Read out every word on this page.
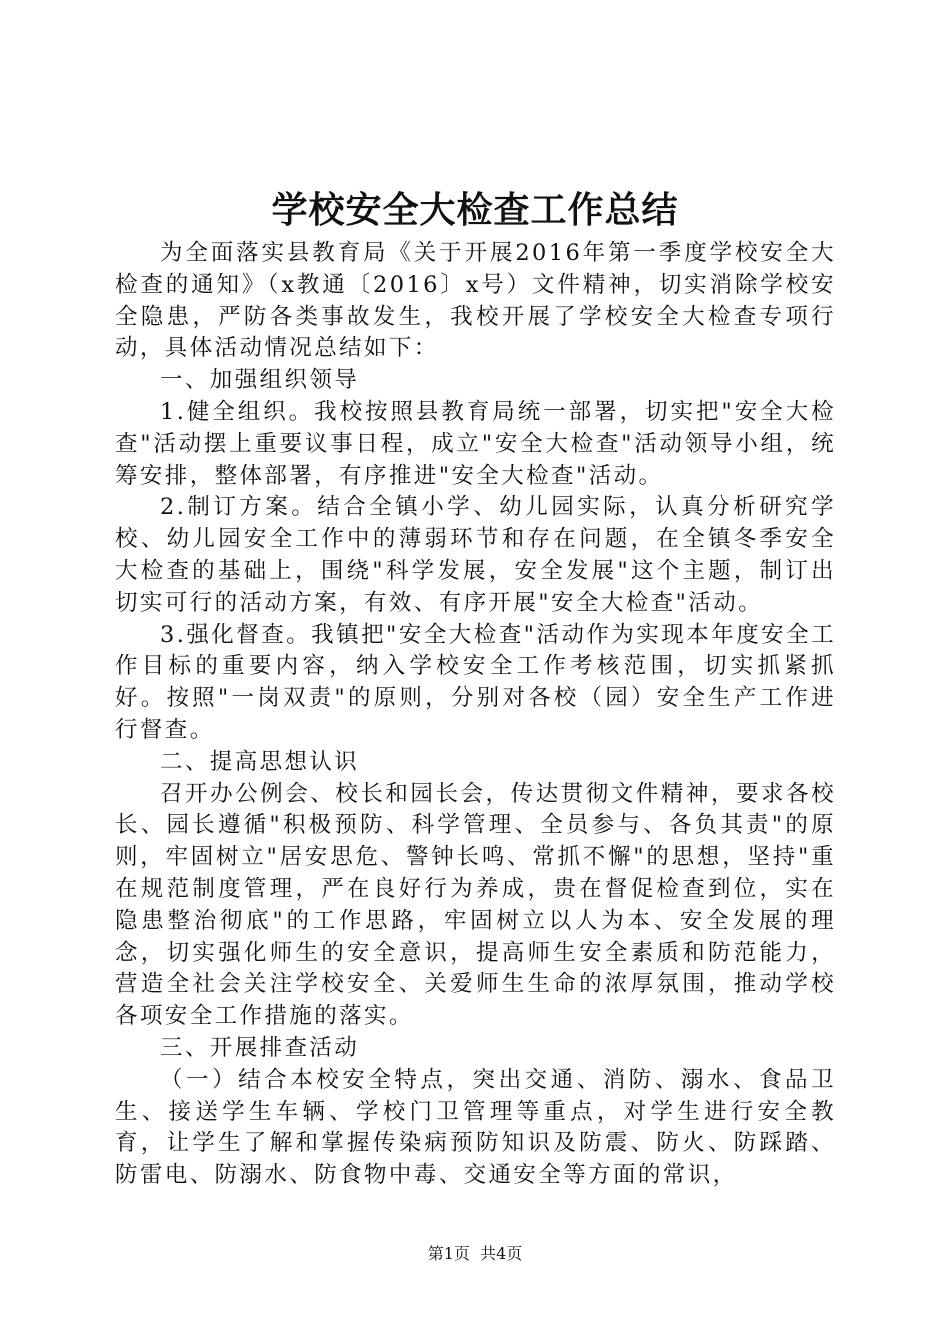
学校安全大检查工作总结

为全面落实县教育局《关于开展2016年第一季度学校安全大检查的通知》（x教通〔2016〕x号）文件精神，切实消除学校安全隐患，严防各类事故发生，我校开展了学校安全大检查专项行动，具体活动情况总结如下：

一、加强组织领导

1.健全组织。我校按照县教育局统一部署，切实把"安全大检查"活动摆上重要议事日程，成立"安全大检查"活动领导小组，统筹安排，整体部署，有序推进"安全大检查"活动。

2.制订方案。结合全镇小学、幼儿园实际，认真分析研究学校、幼儿园安全工作中的薄弱环节和存在问题，在全镇冬季安全大检查的基础上，围绕"科学发展，安全发展"这个主题，制订出切实可行的活动方案，有效、有序开展"安全大检查"活动。

3.强化督查。我镇把"安全大检查"活动作为实现本年度安全工作目标的重要内容，纳入学校安全工作考核范围，切实抓紧抓好。按照"一岗双责"的原则，分别对各校（园）安全生产工作进行督查。

二、提高思想认识

召开办公例会、校长和园长会，传达贯彻文件精神，要求各校长、园长遵循"积极预防、科学管理、全员参与、各负其责"的原则，牢固树立"居安思危、警钟长鸣、常抓不懈"的思想，坚持"重在规范制度管理，严在良好行为养成，贵在督促检查到位，实在隐患整治彻底"的工作思路，牢固树立以人为本、安全发展的理念，切实强化师生的安全意识，提高师生安全素质和防范能力，营造全社会关注学校安全、关爱师生生命的浓厚氛围，推动学校各项安全工作措施的落实。

三、开展排查活动

（一）结合本校安全特点，突出交通、消防、溺水、食品卫生、接送学生车辆、学校门卫管理等重点，对学生进行安全教育，让学生了解和掌握传染病预防知识及防震、防火、防踩踏、防雷电、防溺水、防食物中毒、交通安全等方面的常识，

第1页 共4页
